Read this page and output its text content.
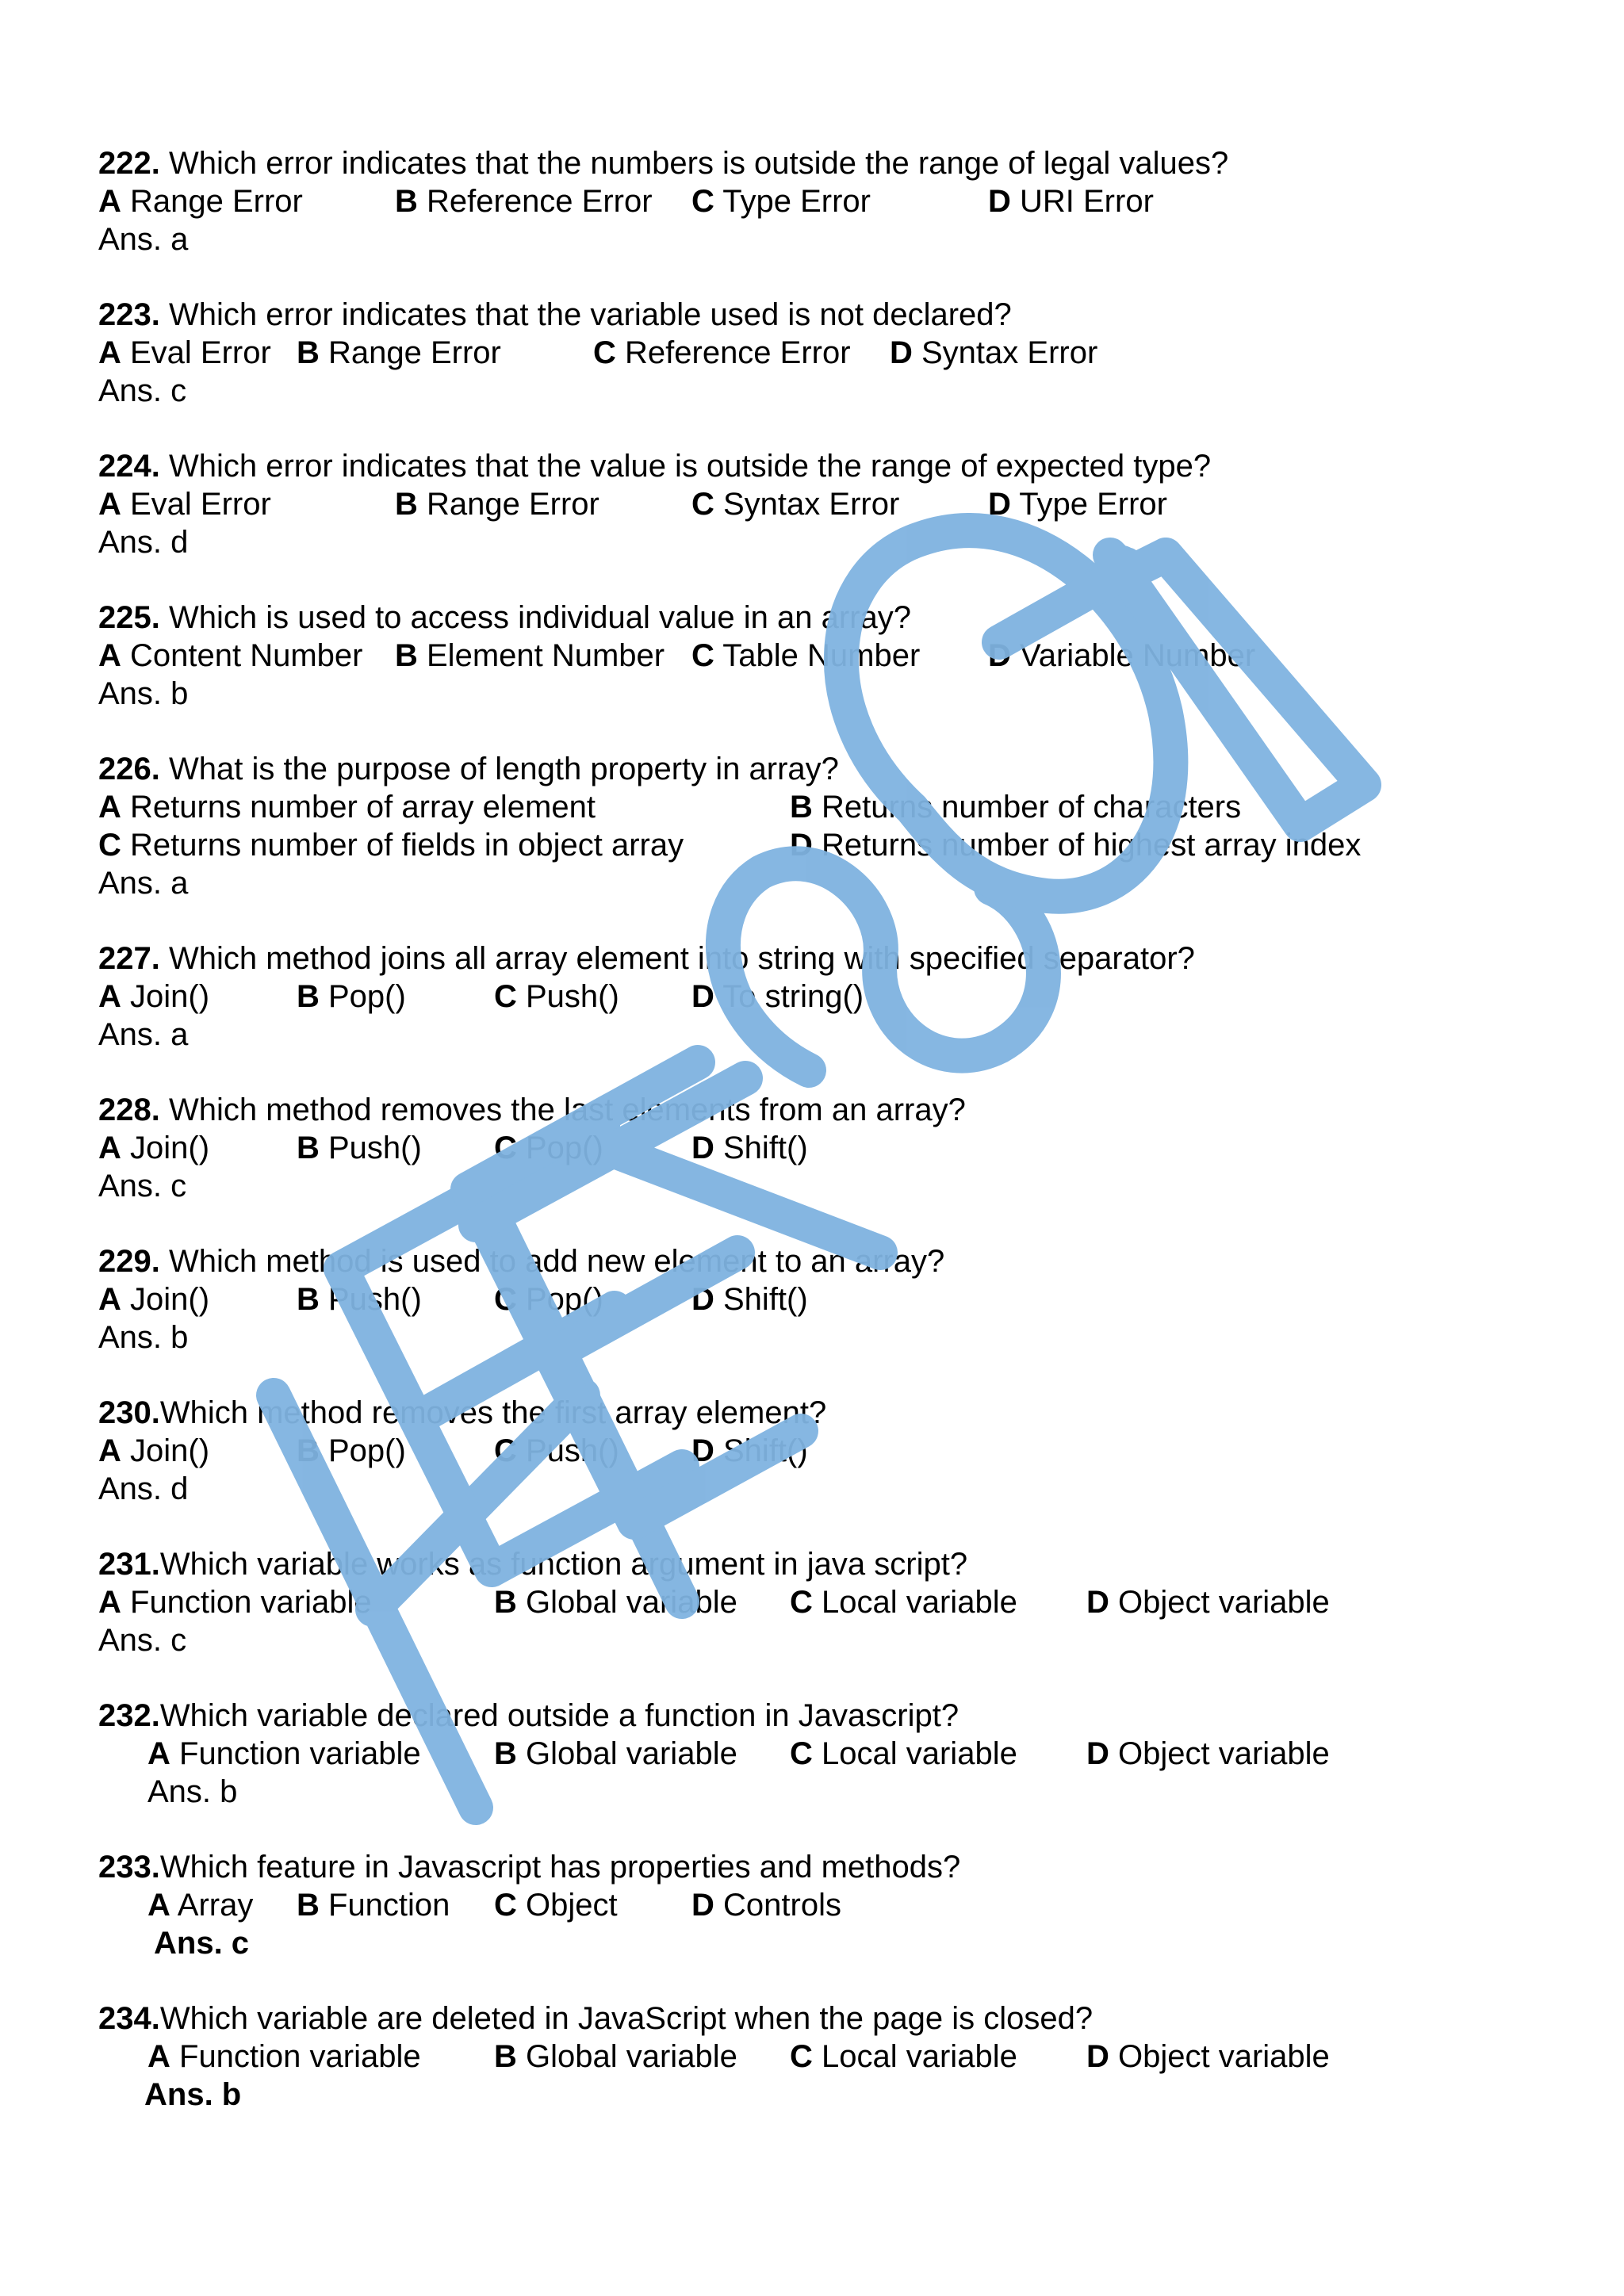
222. Which error indicates that the numbers is outside the range of legal values?
A Range Error	B Reference Error C Type Error	D URI Error
Ans. a
223. Which error indicates that the variable used is not declared?
A Eval Error B Range Error	C Reference Error D Syntax Error
Ans. c
224. Which error indicates that the value is outside the range of expected type?
A Eval Error	B Range Error	C Syntax Error	D Type Error
Ans. d
225. Which is used to access individual value in an array?
A Content Number B Element Number C Table Number D Variable Number
Ans. b
226. What is the purpose of length property in array?
A Returns number of array element	B Returns number of characters
C Returns number of fields in object array	D Returns number of highest array index
Ans. a
227. Which method joins all array element into string with specified separator?
A Join()	B Pop()	C Push() D To string()
Ans. a
228. Which method removes the last elements from an array?
A Join()	B Push() C Pop()	D Shift()
Ans. c
229. Which method is used to add new element to an array?
A Join()	B Push() C Pop()	D Shift()
Ans. b
230.Which method removes the first array element?
A Join()	B Pop()	C Push() D Shift()
Ans. d
231.Which variable works as function argument in java script?
A Function variable	B Global variable C Local variable D Object variable
Ans. c
232.Which variable declared outside a function in Javascript?
A Function variable B Global variable C Local variable D Object variable
Ans. b
233.Which feature in Javascript has properties and methods?
A Array B Function C Object D Controls
Ans. c
234.Which variable are deleted in JavaScript when the page is closed?
A Function variable B Global variable C Local variable D Object variable
Ans. b
